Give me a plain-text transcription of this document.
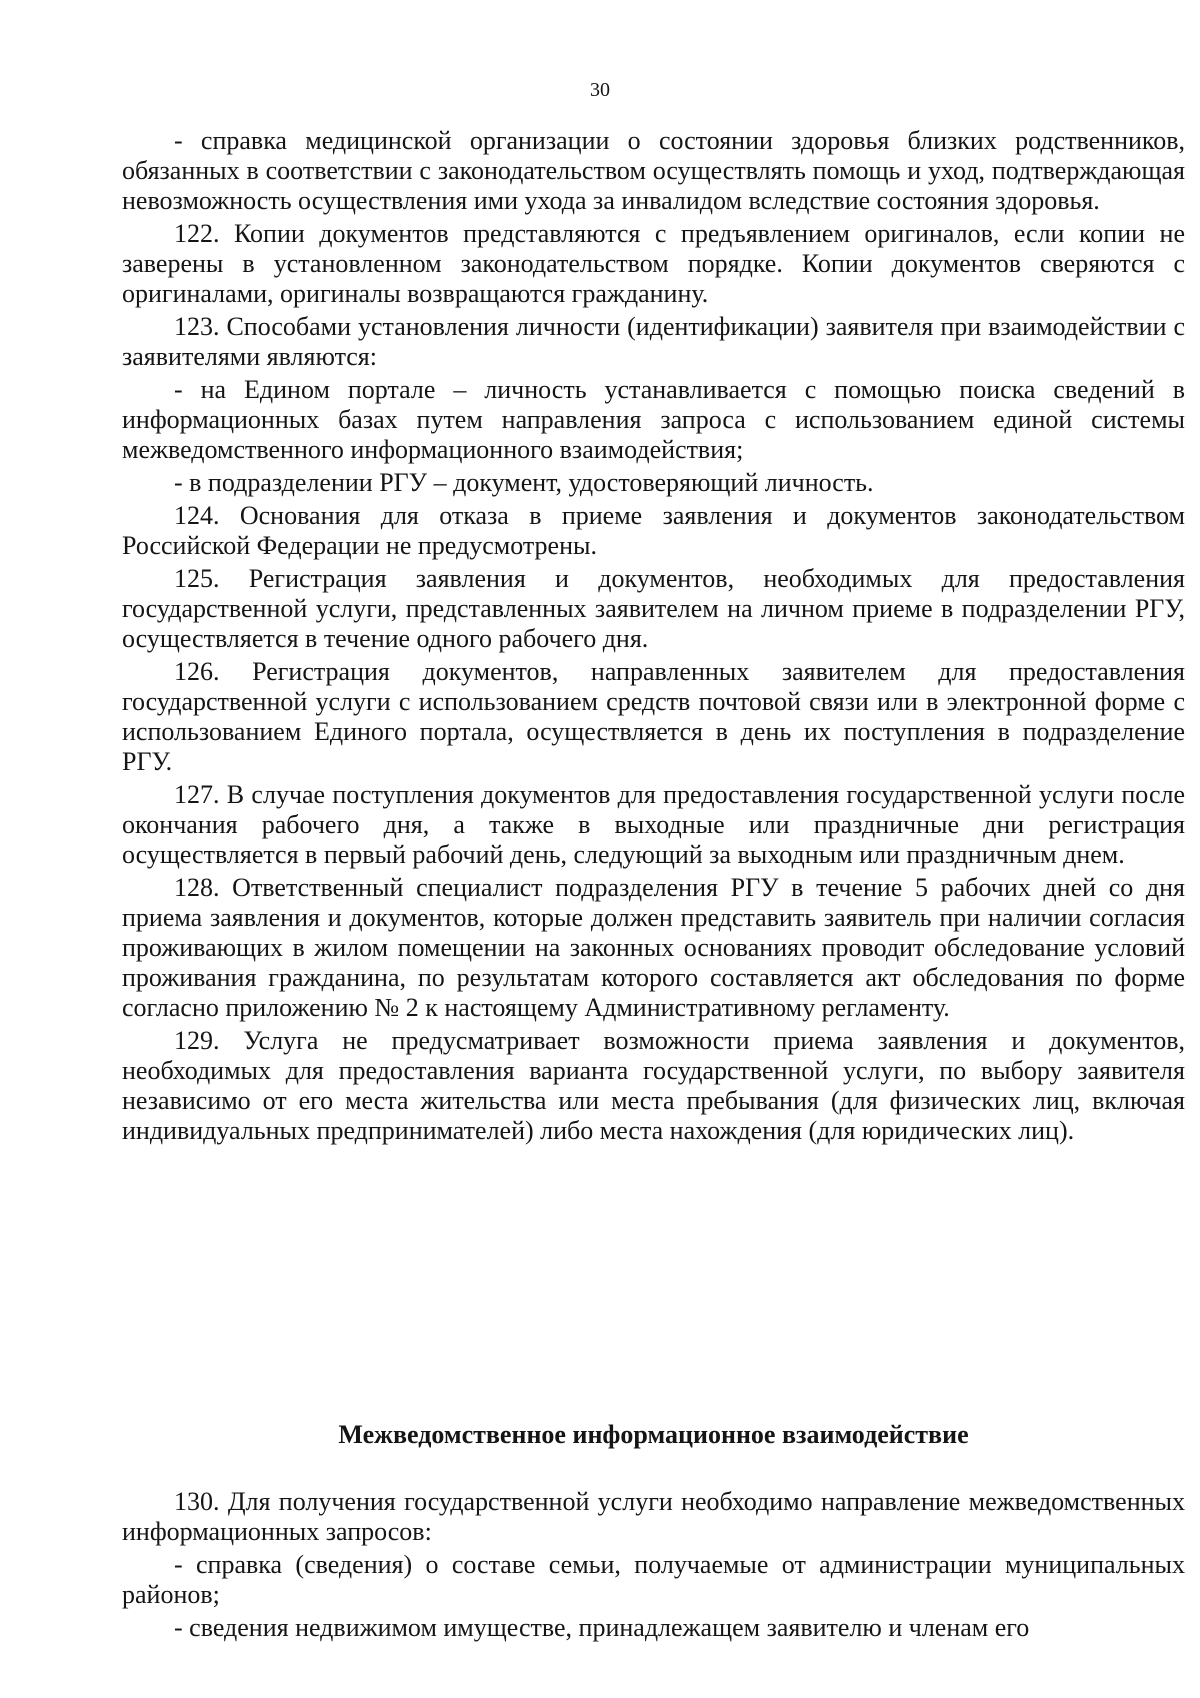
30

- справка медицинской организации о состоянии здоровья близких родственников, обязанных в соответствии с законодательством осуществлять помощь и уход, подтверждающая невозможность осуществления ими ухода за инвалидом вследствие состояния здоровья.

122. Копии документов представляются с предъявлением оригиналов, если копии не заверены в установленном законодательством порядке. Копии документов сверяются с оригиналами, оригиналы возвращаются гражданину.

123. Способами установления личности (идентификации) заявителя при взаимодействии с заявителями являются:

- на Едином портале – личность устанавливается с помощью поиска сведений в информационных базах путем направления запроса с использованием единой системы межведомственного информационного взаимодействия;

- в подразделении РГУ – документ, удостоверяющий личность.

124. Основания для отказа в приеме заявления и документов законодательством Российской Федерации не предусмотрены.

125. Регистрация заявления и документов, необходимых для предоставления государственной услуги, представленных заявителем на личном приеме в подразделении РГУ, осуществляется в течение одного рабочего дня.

126. Регистрация документов, направленных заявителем для предоставления государственной услуги с использованием средств почтовой связи или в электронной форме с использованием Единого портала, осуществляется в день их поступления в подразделение РГУ.

127. В случае поступления документов для предоставления государственной услуги после окончания рабочего дня, а также в выходные или праздничные дни регистрация осуществляется в первый рабочий день, следующий за выходным или праздничным днем.

128. Ответственный специалист подразделения РГУ в течение 5 рабочих дней со дня приема заявления и документов, которые должен представить заявитель при наличии согласия проживающих в жилом помещении на законных основаниях проводит обследование условий проживания гражданина, по результатам которого составляется акт обследования по форме согласно приложению № 2 к настоящему Административному регламенту.

129. Услуга не предусматривает возможности приема заявления и документов, необходимых для предоставления варианта государственной услуги, по выбору заявителя независимо от его места жительства или места пребывания (для физических лиц, включая индивидуальных предпринимателей) либо места нахождения (для юридических лиц).

Межведомственное информационное взаимодействие

130. Для получения государственной услуги необходимо направление межведомственных информационных запросов:

- справка (сведения) о составе семьи, получаемые от администрации муниципальных районов;

- сведения недвижимом имуществе, принадлежащем заявителю и членам его
